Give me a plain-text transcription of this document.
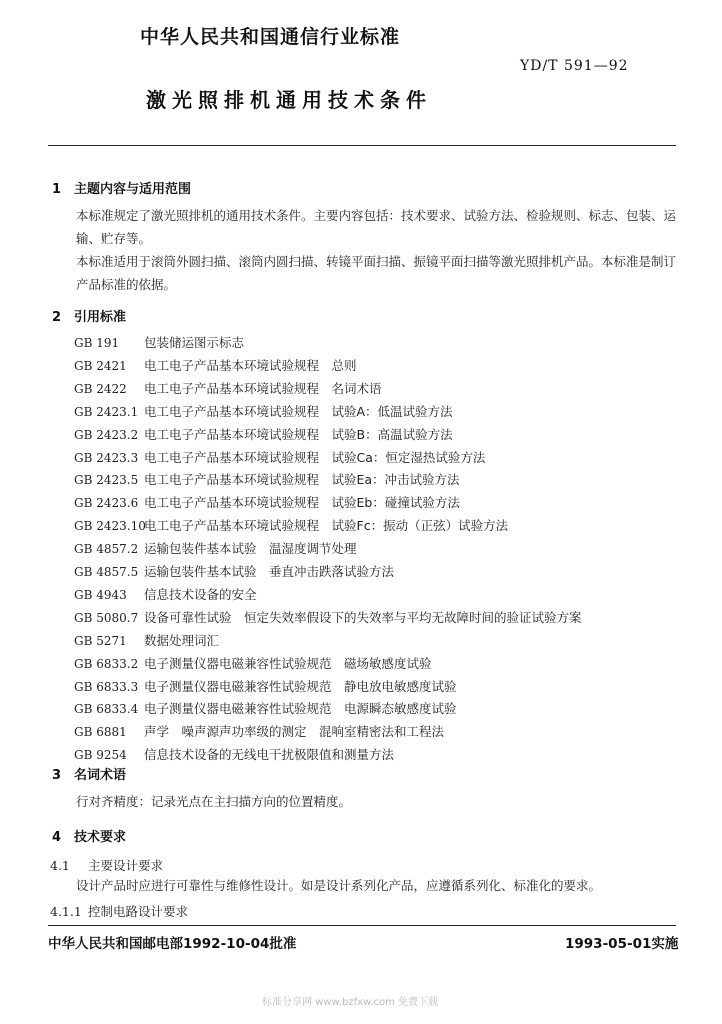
中华人民共和国通信行业标准
YD/T 591—92
激光照排机通用技术条件
1 主题内容与适用范围
本标准规定了激光照排机的通用技术条件。主要内容包括：技术要求、试验方法、检验规则、标志、包装、运输、贮存等。
本标准适用于滚筒外圆扫描、滚筒内圆扫描、转镜平面扫描、振镜平面扫描等激光照排机产品。本标准是制订产品标准的依据。
2 引用标准
GB 191 包装储运图示标志
GB 2421 电工电子产品基本环境试验规程　总则
GB 2422 电工电子产品基本环境试验规程　名词术语
GB 2423.1 电工电子产品基本环境试验规程　试验A：低温试验方法
GB 2423.2 电工电子产品基本环境试验规程　试验B：高温试验方法
GB 2423.3 电工电子产品基本环境试验规程　试验Ca：恒定湿热试验方法
GB 2423.5 电工电子产品基本环境试验规程　试验Ea：冲击试验方法
GB 2423.6 电工电子产品基本环境试验规程　试验Eb：碰撞试验方法
GB 2423.10电工电子产品基本环境试验规程　试验Fc：振动（正弦）试验方法
GB 4857.2 运输包装件基本试验　温湿度调节处理
GB 4857.5 运输包装件基本试验　垂直冲击跌落试验方法
GB 4943 信息技术设备的安全
GB 5080.7 设备可靠性试验　恒定失效率假设下的失效率与平均无故障时间的验证试验方案
GB 5271 数据处理词汇
GB 6833.2 电子测量仪器电磁兼容性试验规范　磁场敏感度试验
GB 6833.3 电子测量仪器电磁兼容性试验规范　静电放电敏感度试验
GB 6833.4 电子测量仪器电磁兼容性试验规范　电源瞬态敏感度试验
GB 6881 声学　噪声源声功率级的测定　混响室精密法和工程法
GB 9254 信息技术设备的无线电干扰极限值和测量方法
3 名词术语
行对齐精度：记录光点在主扫描方向的位置精度。
4 技术要求
4.1 主要设计要求
设计产品时应进行可靠性与维修性设计。如是设计系列化产品，应遵循系列化、标准化的要求。
4.1.1 控制电路设计要求
中华人民共和国邮电部1992-10-04批准	1993-05-01实施
标准分享网 www.bzfxw.com 免费下载
